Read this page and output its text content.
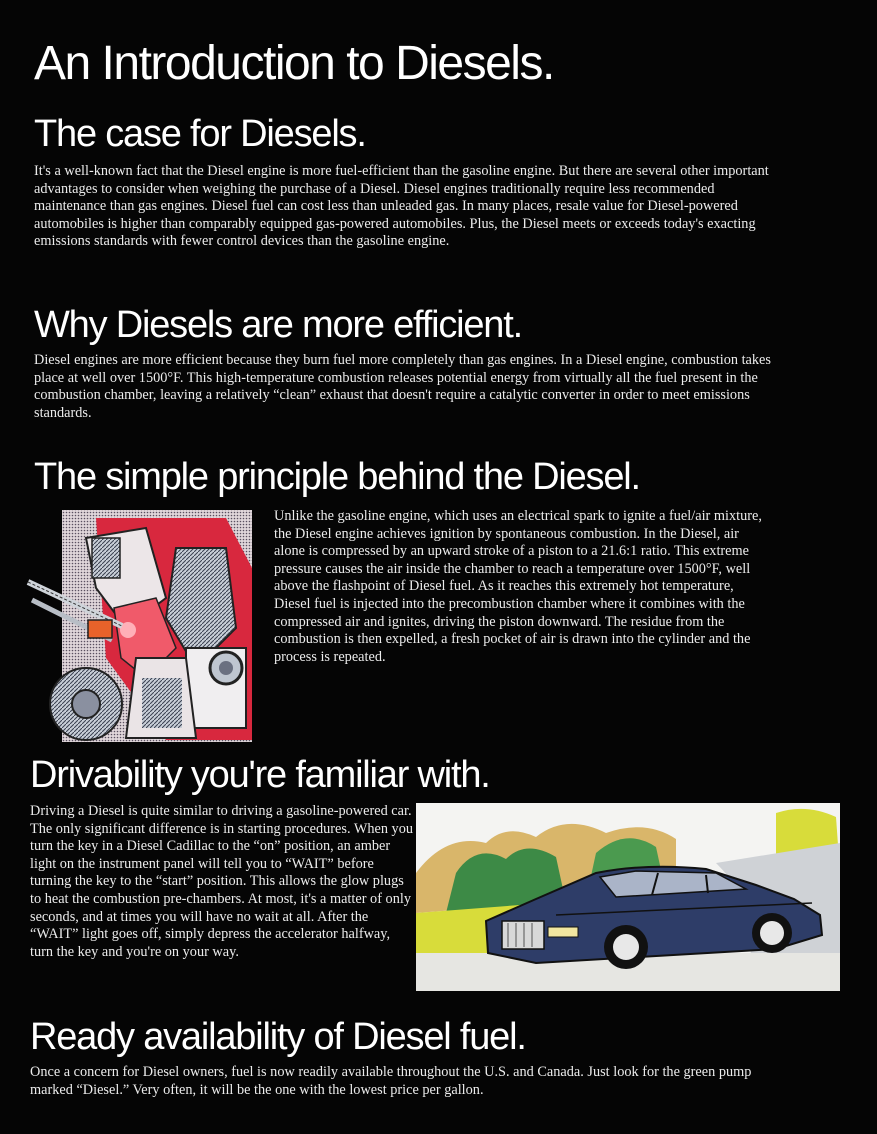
An Introduction to Diesels.
The case for Diesels.

It's a well-known fact that the Diesel engine is more fuel-efficient than the gasoline engine. But there are several other important advantages to consider when weighing the purchase of a Diesel. Diesel engines traditionally require less recommended maintenance than gas engines. Diesel fuel can cost less than unleaded gas. In many places, resale value for Diesel-powered automobiles is higher than comparably equipped gas-powered automobiles. Plus, the Diesel meets or exceeds today's exacting emissions standards with fewer control devices than the gasoline engine.

Why Diesels are more efficient.

Diesel engines are more efficient because they burn fuel more completely than gas engines. In a Diesel engine, combustion takes place at well over 1500°F. This high-temperature combustion releases potential energy from virtually all the fuel present in the combustion chamber, leaving a relatively “clean” exhaust that doesn't require a catalytic converter in order to meet emissions standards.

The simple principle behind the Diesel.

Unlike the gasoline engine, which uses an electrical spark to ignite a fuel/air mixture, the Diesel engine achieves ignition by spontaneous combustion. In the Diesel, air alone is compressed by an upward stroke of a piston to a 21.6:1 ratio. This extreme pressure causes the air inside the chamber to reach a temperature over 1500°F, well above the flashpoint of Diesel fuel. As it reaches this extremely hot temperature, Diesel fuel is injected into the precombustion chamber where it combines with the compressed air and ignites, driving the piston downward. The residue from the combustion is then expelled, a fresh pocket of air is drawn into the cylinder and the process is repeated.

Drivability you're familiar with.

Driving a Diesel is quite similar to driving a gasoline-powered car. The only significant difference is in starting procedures. When you turn the key in a Diesel Cadillac to the “on” position, an amber light on the instrument panel will tell you to “WAIT” before turning the key to the “start” position. This allows the glow plugs to heat the combustion pre-chambers. At most, it's a matter of only seconds, and at times you will have no wait at all. After the “WAIT” light goes off, simply depress the accelerator halfway, turn the key and you're on your way.

Ready availability of Diesel fuel.

Once a concern for Diesel owners, fuel is now readily available throughout the U.S. and Canada. Just look for the green pump marked “Diesel.” Very often, it will be the one with the lowest price per gallon.
